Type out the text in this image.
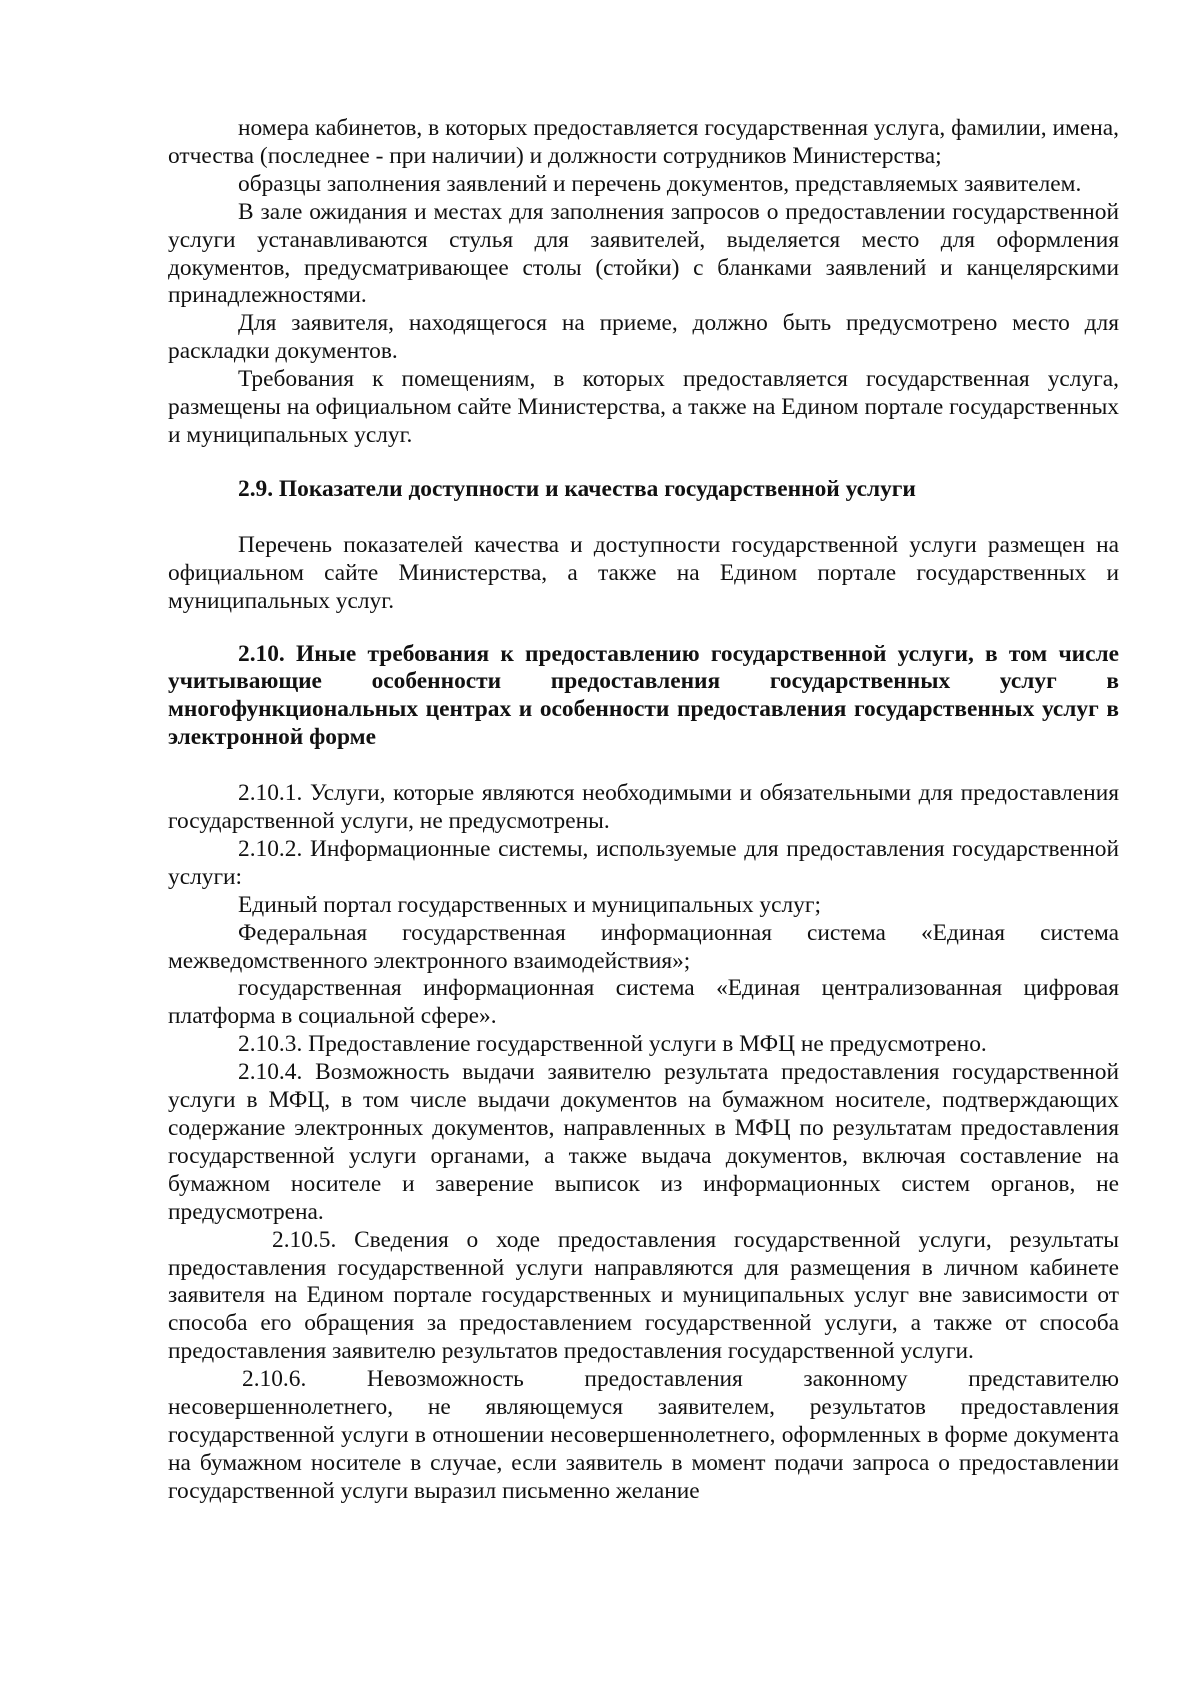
номера кабинетов, в которых предоставляется государственная услуга, фамилии, имена, отчества (последнее - при наличии) и должности сотрудников Министерства;

образцы заполнения заявлений и перечень документов, представляемых заявителем.

В зале ожидания и местах для заполнения запросов о предоставлении государственной услуги устанавливаются стулья для заявителей, выделяется место для оформления документов, предусматривающее столы (стойки) с бланками заявлений и канцелярскими принадлежностями.

Для заявителя, находящегося на приеме, должно быть предусмотрено место для раскладки документов.

Требования к помещениям, в которых предоставляется государственная услуга, размещены на официальном сайте Министерства, а также на Едином портале государственных и муниципальных услуг.

2.9. Показатели доступности и качества государственной услуги

Перечень показателей качества и доступности государственной услуги размещен на официальном сайте Министерства, а также на Едином портале государственных и муниципальных услуг.

2.10. Иные требования к предоставлению государственной услуги, в том числе учитывающие особенности предоставления государственных услуг в многофункциональных центрах и особенности предоставления государственных услуг в электронной форме

2.10.1. Услуги, которые являются необходимыми и обязательными для предоставления государственной услуги, не предусмотрены.

2.10.2. Информационные системы, используемые для предоставления государственной услуги:

Единый портал государственных и муниципальных услуг;

Федеральная государственная информационная система «Единая система межведомственного электронного взаимодействия»;

государственная информационная система «Единая централизованная цифровая платформа в социальной сфере».

2.10.3. Предоставление государственной услуги в МФЦ не предусмотрено.

2.10.4. Возможность выдачи заявителю результата предоставления государственной услуги в МФЦ, в том числе выдачи документов на бумажном носителе, подтверждающих содержание электронных документов, направленных в МФЦ по результатам предоставления государственной услуги органами, а также выдача документов, включая составление на бумажном носителе и заверение выписок из информационных систем органов, не предусмотрена.

2.10.5. Сведения о ходе предоставления государственной услуги, результаты предоставления государственной услуги направляются для размещения в личном кабинете заявителя на Едином портале государственных и муниципальных услуг вне зависимости от способа его обращения за предоставлением государственной услуги, а также от способа предоставления заявителю результатов предоставления государственной услуги.

2.10.6. Невозможность предоставления законному представителю несовершеннолетнего, не являющемуся заявителем, результатов предоставления государственной услуги в отношении несовершеннолетнего, оформленных в форме документа на бумажном носителе в случае, если заявитель в момент подачи запроса о предоставлении государственной услуги выразил письменно желание
